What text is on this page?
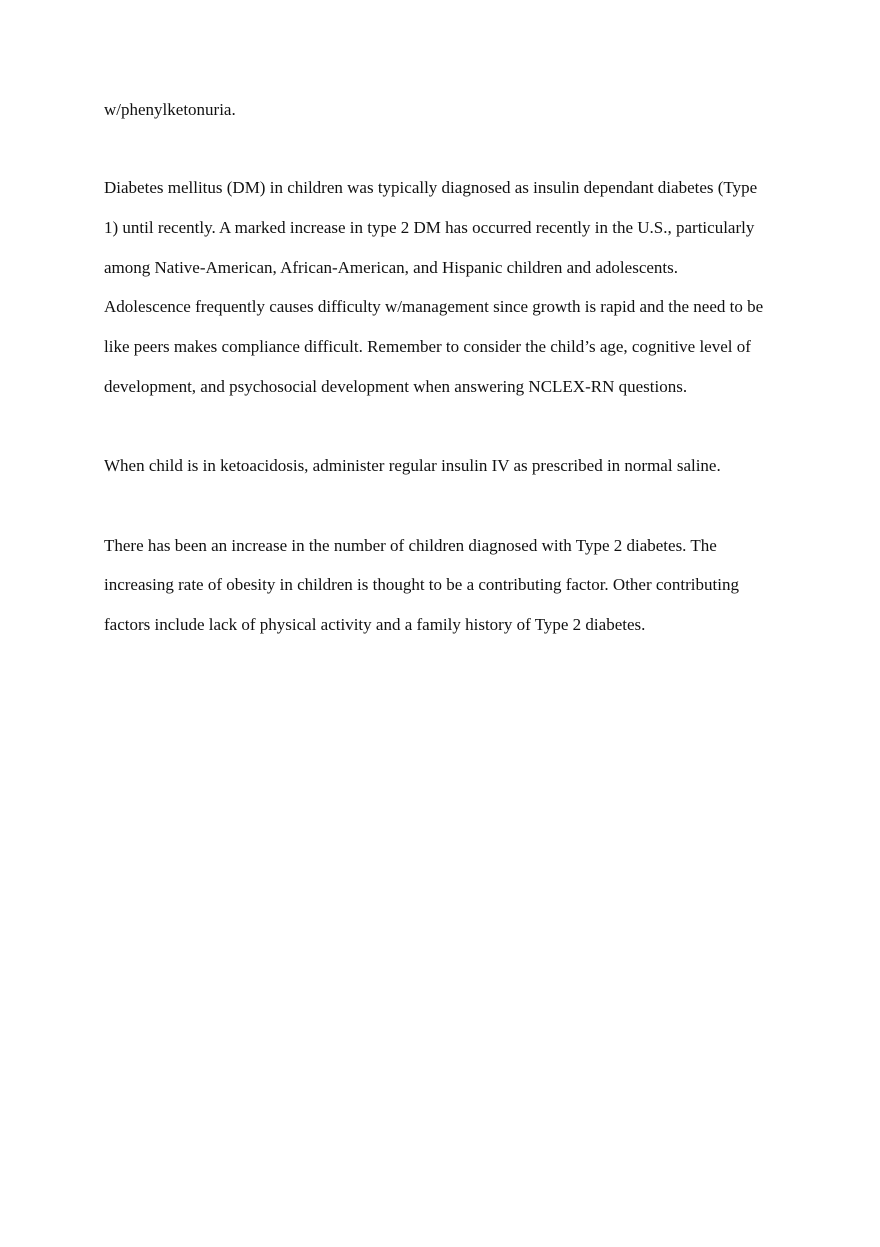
w/phenylketonuria.

Diabetes mellitus (DM) in children was typically diagnosed as insulin dependant diabetes (Type

1) until recently. A marked increase in type 2 DM has occurred recently in the U.S., particularly

among Native-American, African-American, and Hispanic children and adolescents.

Adolescence frequently causes difficulty w/management since growth is rapid and the need to be

like peers makes compliance difficult. Remember to consider the child’s age, cognitive level of

development, and psychosocial development when answering NCLEX-RN questions.

When child is in ketoacidosis, administer regular insulin IV as prescribed in normal saline.

There has been an increase in the number of children diagnosed with Type 2 diabetes. The

increasing rate of obesity in children is thought to be a contributing factor. Other contributing

factors include lack of physical activity and a family history of Type 2 diabetes.
